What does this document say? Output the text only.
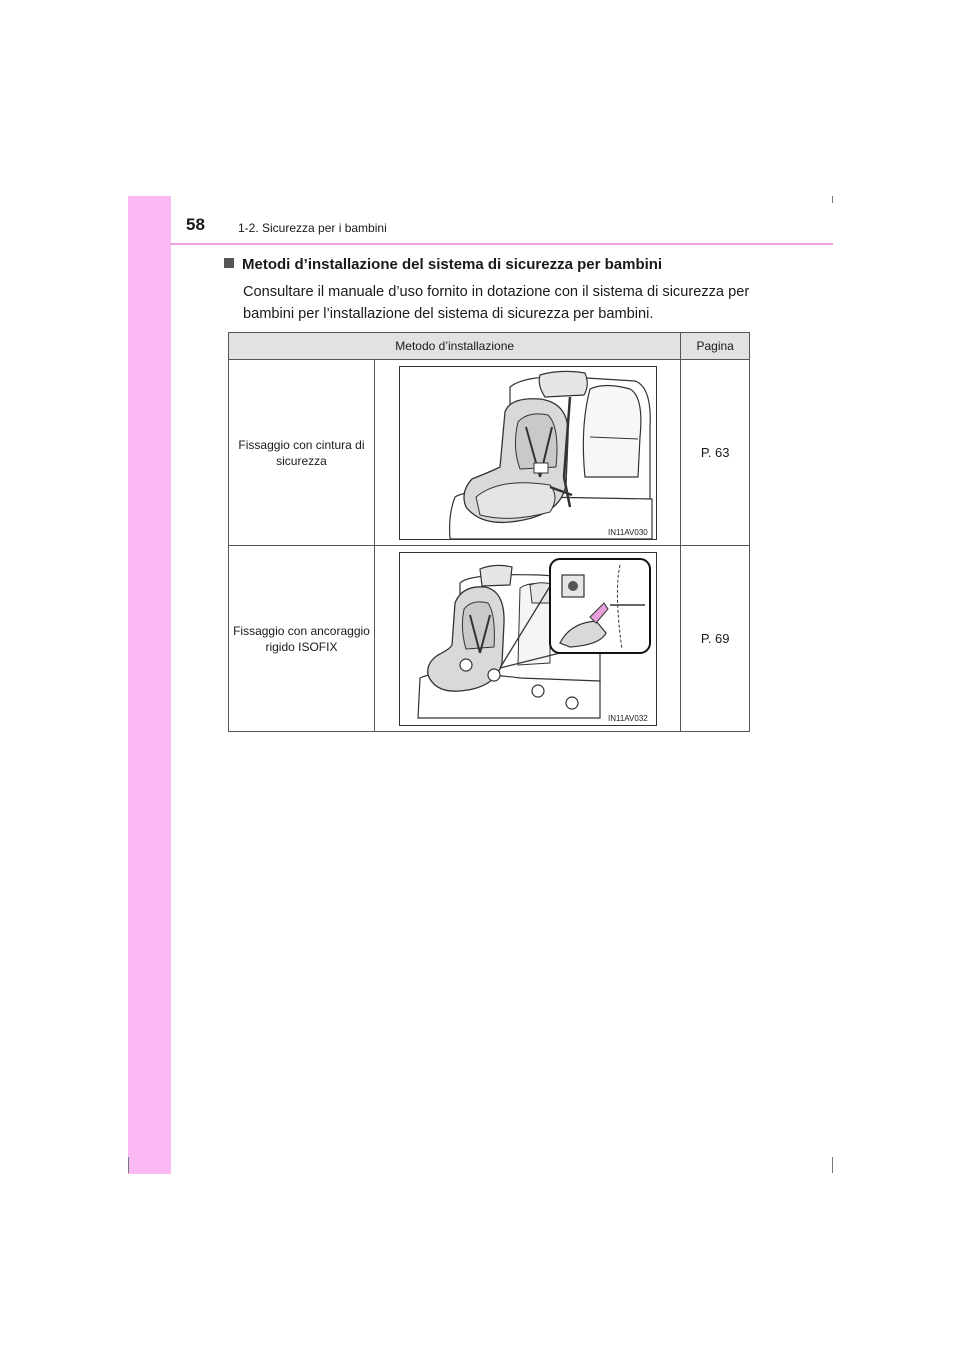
58	1-2. Sicurezza per i bambini
Metodi d’installazione del sistema di sicurezza per bambini
Consultare il manuale d’uso fornito in dotazione con il sistema di sicurezza per bambini per l’installazione del sistema di sicurezza per bambini.
Metodo d’installazione		Pagina
Fissaggio con cintura di sicurezza	IN11AV030	P. 63
Fissaggio con ancoraggio rigido ISOFIX	IN11AV032	P. 69
